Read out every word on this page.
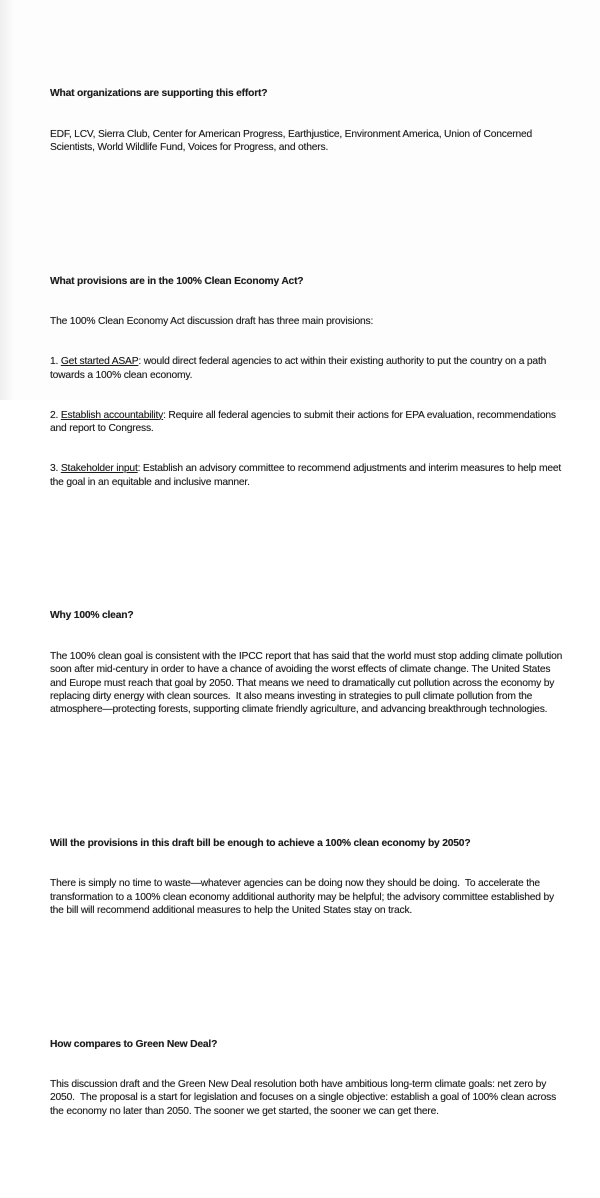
What organizations are supporting this effort?

EDF, LCV, Sierra Club, Center for American Progress, Earthjustice, Environment America, Union of Concerned Scientists, World Wildlife Fund, Voices for Progress, and others.

What provisions are in the 100% Clean Economy Act?

The 100% Clean Economy Act discussion draft has three main provisions:

1. Get started ASAP: would direct federal agencies to act within their existing authority to put the country on a path towards a 100% clean economy.

2. Establish accountability: Require all federal agencies to submit their actions for EPA evaluation, recommendations and report to Congress.

3. Stakeholder input: Establish an advisory committee to recommend adjustments and interim measures to help meet the goal in an equitable and inclusive manner.

Why 100% clean?

The 100% clean goal is consistent with the IPCC report that has said that the world must stop adding climate pollution soon after mid-century in order to have a chance of avoiding the worst effects of climate change. The United States and Europe must reach that goal by 2050. That means we need to dramatically cut pollution across the economy by replacing dirty energy with clean sources.  It also means investing in strategies to pull climate pollution from the atmosphere—protecting forests, supporting climate friendly agriculture, and advancing breakthrough technologies.

Will the provisions in this draft bill be enough to achieve a 100% clean economy by 2050?

There is simply no time to waste—whatever agencies can be doing now they should be doing.  To accelerate the transformation to a 100% clean economy additional authority may be helpful; the advisory committee established by the bill will recommend additional measures to help the United States stay on track.

How compares to Green New Deal?

This discussion draft and the Green New Deal resolution both have ambitious long-term climate goals: net zero by 2050.  The proposal is a start for legislation and focuses on a single objective: establish a goal of 100% clean across the economy no later than 2050. The sooner we get started, the sooner we can get there.
